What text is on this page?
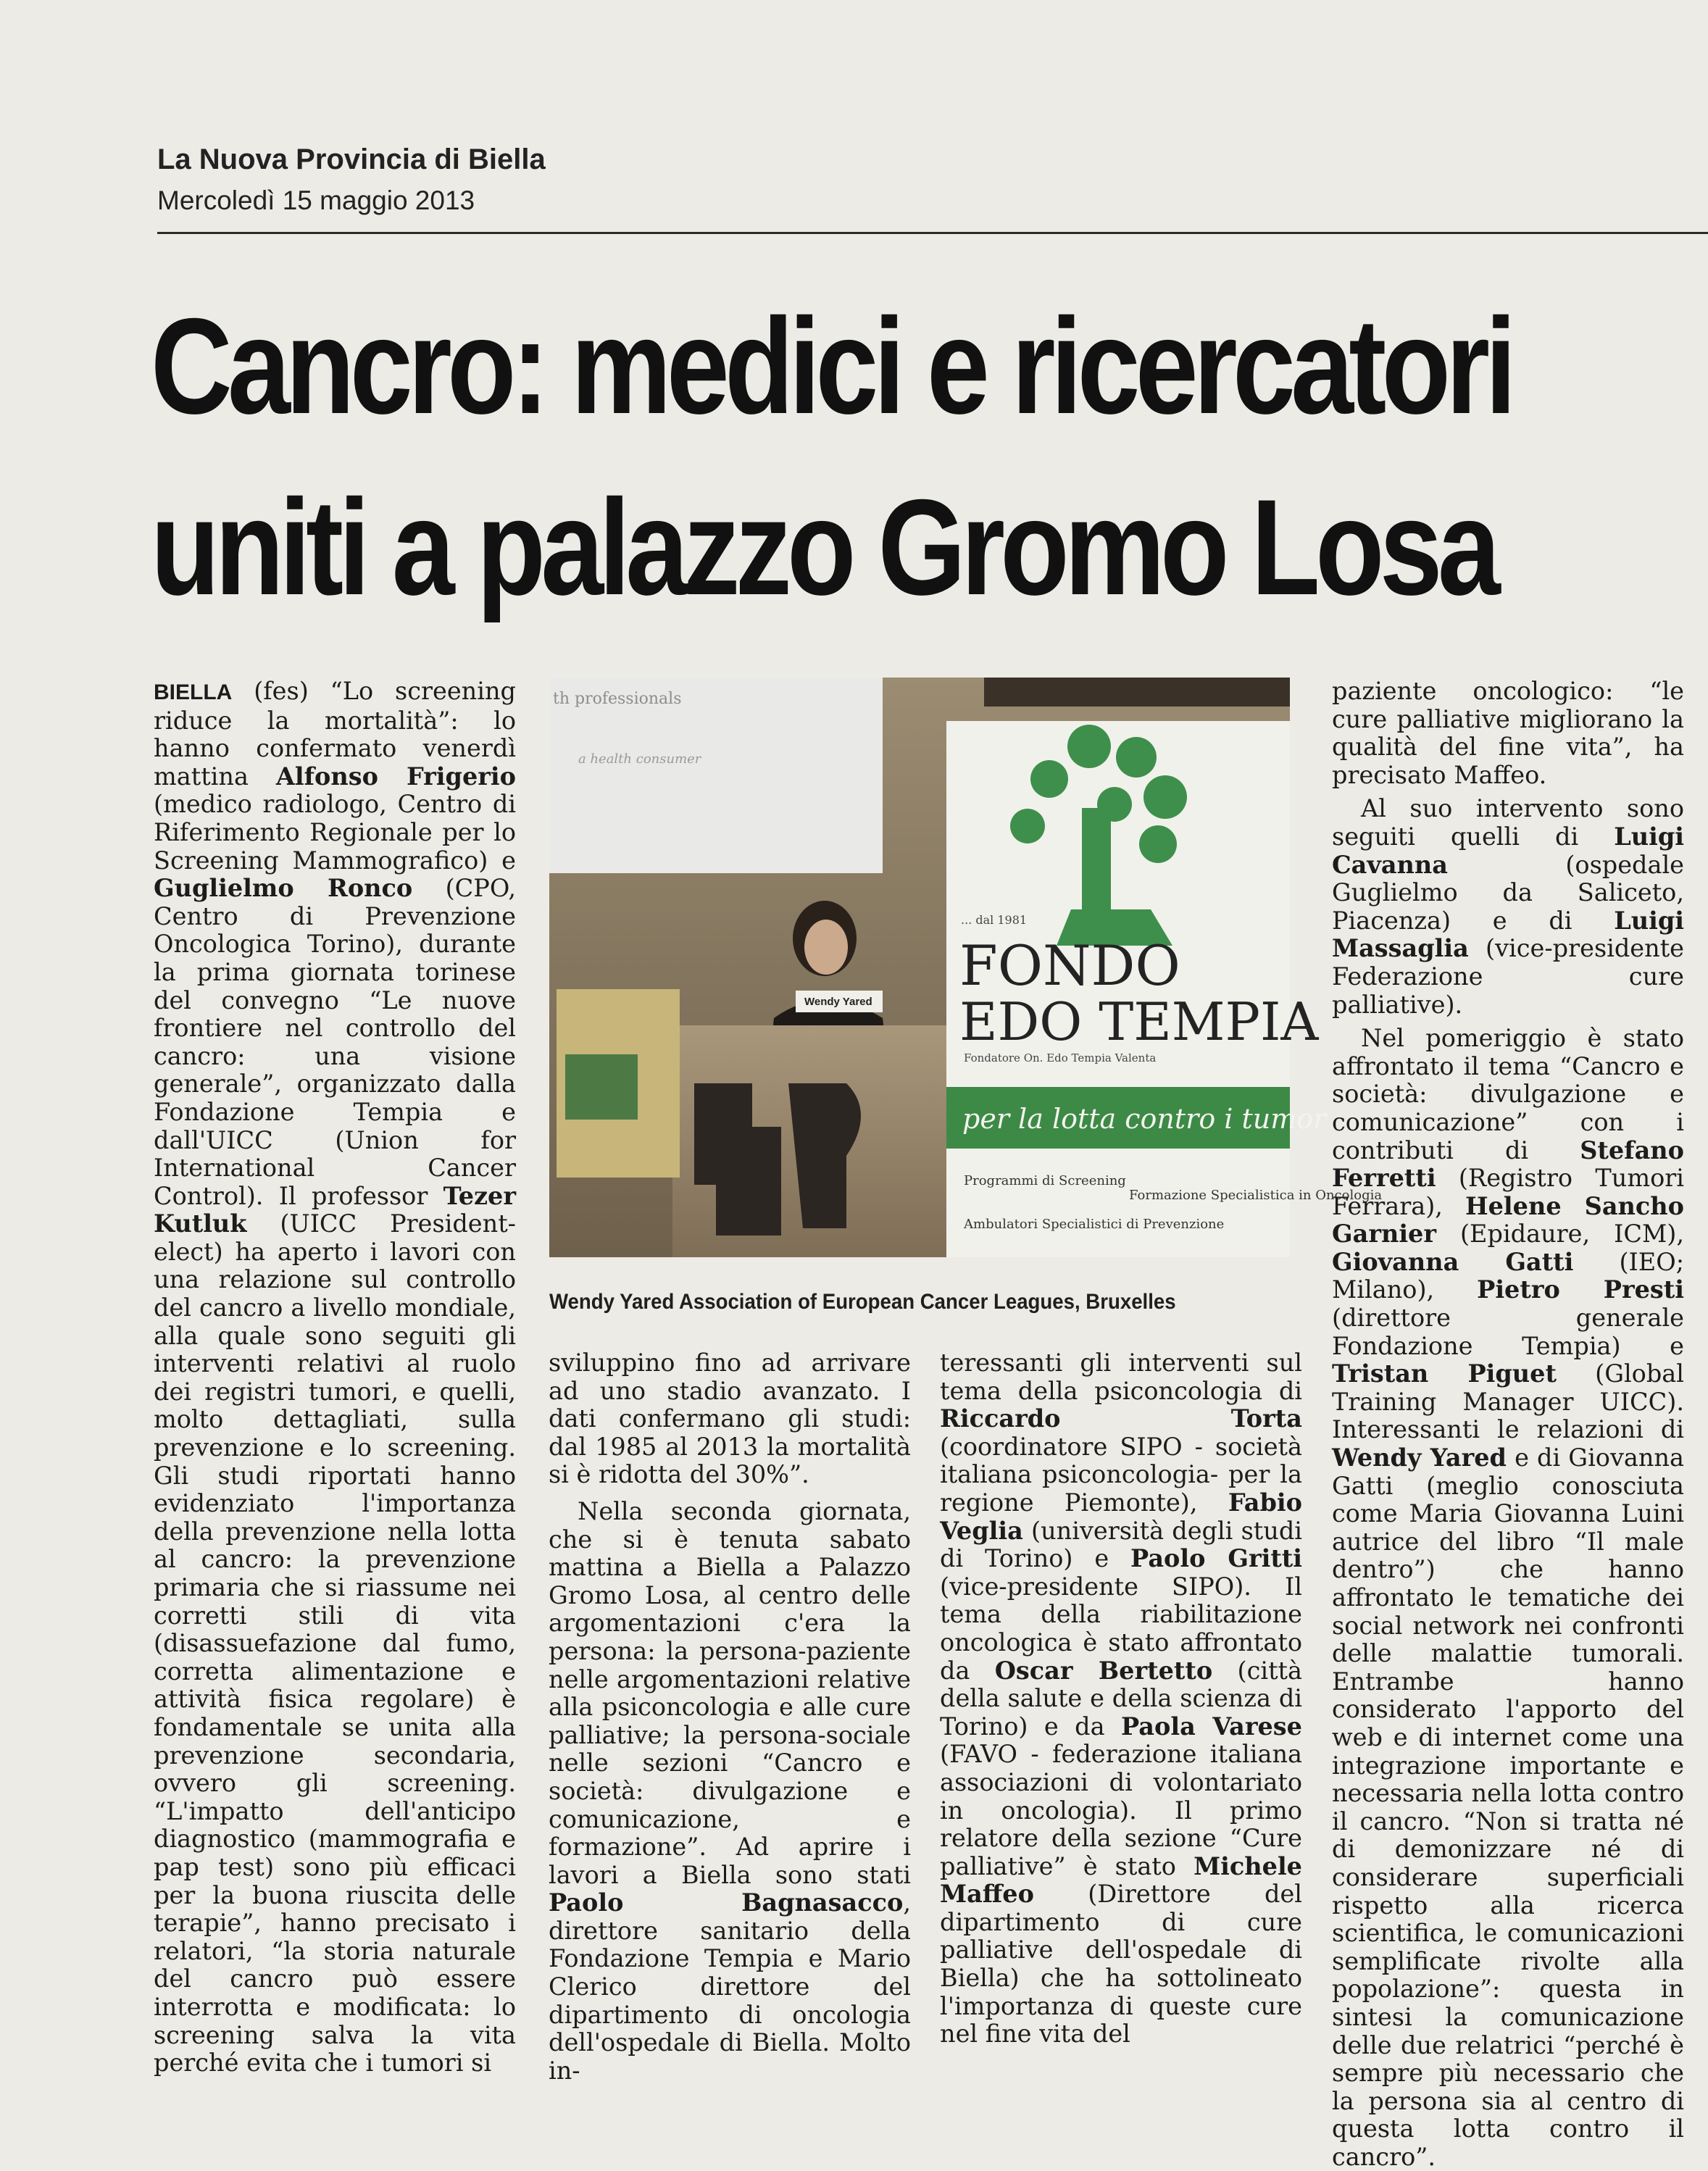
La Nuova Provincia di Biella
Mercoledì 15 maggio 2013
Cancro: medici e ricercatori
uniti a palazzo Gromo Losa

BIELLA (fes) “Lo screening riduce la mortalità”: lo hanno confermato venerdì mattina Alfonso Frigerio (medico radiologo, Centro di Riferimento Regionale per lo Screening Mammografico) e Guglielmo Ronco (CPO, Centro di Prevenzione Oncologica Torino), durante la prima giornata torinese del convegno “Le nuove frontiere nel controllo del cancro: una visione generale”, organizzato dalla Fondazione Tempia e dall'UICC (Union for International Cancer Control). Il professor Tezer Kutluk (UICC President-elect) ha aperto i lavori con una relazione sul controllo del cancro a livello mondiale, alla quale sono seguiti gli interventi relativi al ruolo dei registri tumori, e quelli, molto dettagliati, sulla prevenzione e lo screening. Gli studi riportati hanno evidenziato l'importanza della prevenzione nella lotta al cancro: la prevenzione primaria che si riassume nei corretti stili di vita (disassuefazione dal fumo, corretta alimentazione e attività fisica regolare) è fondamentale se unita alla prevenzione secondaria, ovvero gli screening. “L'impatto dell'anticipo diagnostico (mammografia e pap test) sono più efficaci per la buona riuscita delle terapie”, hanno precisato i relatori, “la storia naturale del cancro può essere interrotta e modificata: lo screening salva la vita perché evita che i tumori si

th professionals
a health consumer
Wendy Yared
... dal 1981
FONDO
EDO TEMPIA
Fondatore On. Edo Tempia Valenta
per la lotta contro i tumor
Programmi di Screening
Ambulatori Specialistici di Prevenzione
Formazione Specialistica in Oncologia
Wendy Yared Association of European Cancer Leagues, Bruxelles

sviluppino fino ad arrivare ad uno stadio avanzato. I dati confermano gli studi: dal 1985 al 2013 la mortalità si è ridotta del 30%”.

Nella seconda giornata, che si è tenuta sabato mattina a Biella a Palazzo Gromo Losa, al centro delle argomentazioni c'era la persona: la persona-paziente nelle argomentazioni relative alla psiconcologia e alle cure palliative; la persona-sociale nelle sezioni “Cancro e società: divulgazione e comunicazione, e formazione”. Ad aprire i lavori a Biella sono stati Paolo Bagnasacco, direttore sanitario della Fondazione Tempia e Mario Clerico direttore del dipartimento di oncologia dell'ospedale di Biella. Molto in-

teressanti gli interventi sul tema della psiconcologia di Riccardo Torta (coordinatore SIPO - società italiana psiconcologia- per la regione Piemonte), Fabio Veglia (università degli studi di Torino) e Paolo Gritti (vice-presidente SIPO). Il tema della riabilitazione oncologica è stato affrontato da Oscar Bertetto (città della salute e della scienza di Torino) e da Paola Varese (FAVO - federazione italiana associazioni di volontariato in oncologia). Il primo relatore della sezione “Cure palliative” è stato Michele Maffeo (Direttore del dipartimento di cure palliative dell'ospedale di Biella) che ha sottolineato l'importanza di queste cure nel fine vita del

paziente oncologico: “le cure palliative migliorano la qualità del fine vita”, ha precisato Maffeo.

Al suo intervento sono seguiti quelli di Luigi Cavanna (ospedale Guglielmo da Saliceto, Piacenza) e di Luigi Massaglia (vice-presidente Federazione cure palliative).

Nel pomeriggio è stato affrontato il tema “Cancro e società: divulgazione e comunicazione” con i contributi di Stefano Ferretti (Registro Tumori Ferrara), Helene Sancho Garnier (Epidaure, ICM), Giovanna Gatti (IEO; Milano), Pietro Presti (direttore generale Fondazione Tempia) e Tristan Piguet (Global Training Manager UICC). Interessanti le relazioni di Wendy Yared e di Giovanna Gatti (meglio conosciuta come Maria Giovanna Luini autrice del libro “Il male dentro”) che hanno affrontato le tematiche dei social network nei confronti delle malattie tumorali. Entrambe hanno considerato l'apporto del web e di internet come una integrazione importante e necessaria nella lotta contro il cancro. “Non si tratta né di demonizzare né di considerare superficiali rispetto alla ricerca scientifica, le comunicazioni semplificate rivolte alla popolazione”: questa in sintesi la comunicazione delle due relatrici “perché è sempre più necessario che la persona sia al centro di questa lotta contro il cancro”.
